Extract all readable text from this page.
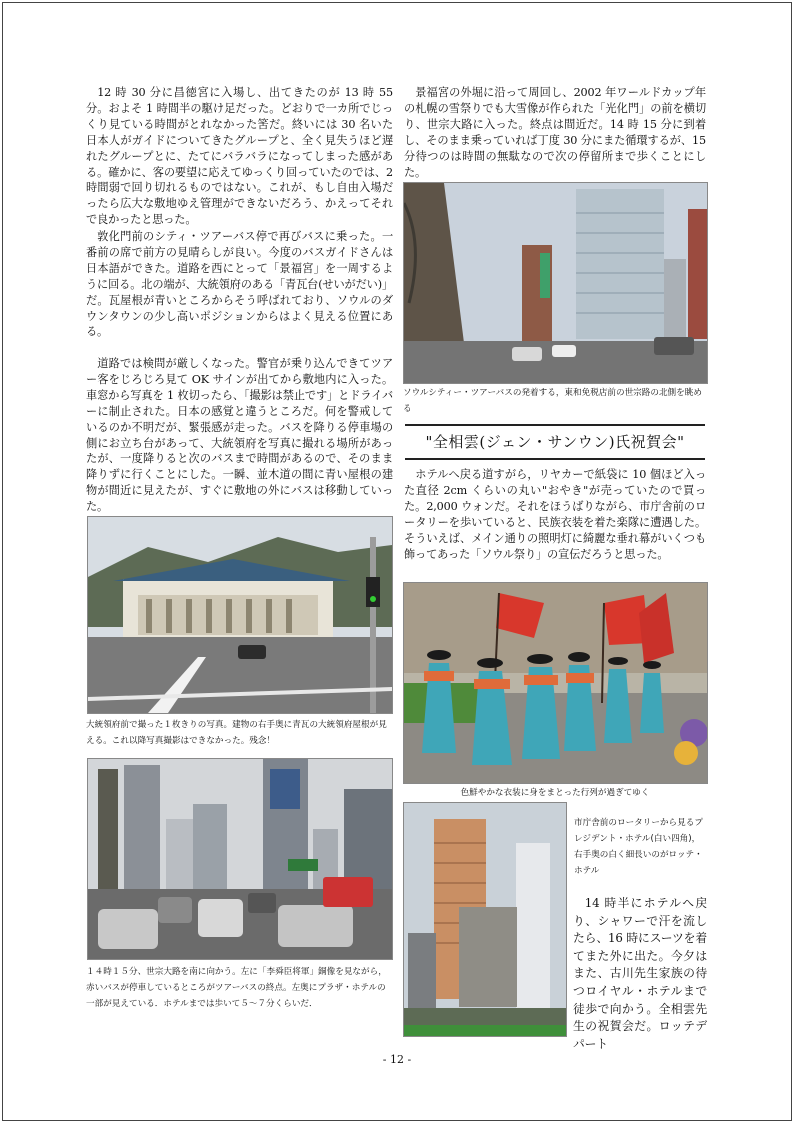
12 時 30 分に昌徳宮に入場し、出てきたのが 13 時 55 分。およそ 1 時間半の駆け足だった。どおりで一カ所でじっくり見ている時間がとれなかった筈だ。終いには 30 名いた日本人がガイドについてきたグループと、全く見失うほど遅れたグループとに、たてにバラバラになってしまった感がある。確かに、客の要望に応えてゆっくり回っていたのでは、2 時間弱で回り切れるものではない。これが、もし自由入場だったら広大な敷地ゆえ管理ができないだろう、かえってそれで良かったと思った。

敦化門前のシティ・ツアーバス停で再びバスに乗った。一番前の席で前方の見晴らしが良い。今度のバスガイドさんは日本語ができた。道路を西にとって「景福宮」を一周するように回る。北の端が、大統領府のある「青瓦台(せいがだい)」だ。瓦屋根が青いところからそう呼ばれており、ソウルのダウンタウンの少し高いポジションからはよく見える位置にある。

道路では検問が厳しくなった。警官が乗り込んできてツアー客をじろじろ見て OK サインが出てから敷地内に入った。車窓から写真を 1 枚切ったら、「撮影は禁止です」とドライバーに制止された。日本の感覚と違うところだ。何を警戒しているのか不明だが、緊張感が走った。バスを降りる停車場の側にお立ち台があって、大統領府を写真に撮れる場所があったが、一度降りると次のバスまで時間があるので、そのまま降りずに行くことにした。一瞬、並木道の間に青い屋根の建物が間近に見えたが、すぐに敷地の外にバスは移動していった。

大統領府前で撮った１枚きりの写真。建物の右手奥に青瓦の大統領府屋根が見える。これ以降写真撮影はできなかった。残念！

１４時１５分、世宗大路を南に向かう。左に「李舜臣将軍」銅像を見ながら，赤いバスが停車しているところがツアーバスの終点。左奥にプラザ・ホテルの一部が見えている．ホテルまでは歩いて５〜７分くらいだ．

景福宮の外堀に沿って周回し、2002 年ワールドカップ年の札幌の雪祭りでも大雪像が作られた「光化門」の前を横切り、世宗大路に入った。終点は間近だ。14 時 15 分に到着し、そのまま乗っていれば丁度 30 分にまた循環するが、15 分待つのは時間の無駄なので次の停留所まで歩くことにした。

ソウルシティー・ツアーバスの発着する，東和免税店前の世宗路の北側を眺める

"全相雲(ジェン・サンウン)氏祝賀会"

ホテルへ戻る道すがら，リヤカーで紙袋に 10 個ほど入った直径 2cm くらいの丸い"おやき"が売っていたので買った。2,000 ウォンだ。それをほうばりながら、市庁舎前のロータリーを歩いていると、民族衣装を着た楽隊に遭遇した。そういえば、メイン通りの照明灯に綺麗な垂れ幕がいくつも飾ってあった「ソウル祭り」の宣伝だろうと思った。

色鮮やかな衣装に身をまとった行列が過ぎてゆく

市庁舎前のロータリーから見るプレジデント・ホテル(白い四角)，右手奥の白く細長いのがロッテ・ホテル

14 時半にホテルへ戻り、シャワーで汗を流したら、16 時にスーツを着てまた外に出た。今夕はまた、古川先生家族の待つロイヤル・ホテルまで徒歩で向かう。全相雲先生の祝賀会だ。ロッテデパート

- 12 -
